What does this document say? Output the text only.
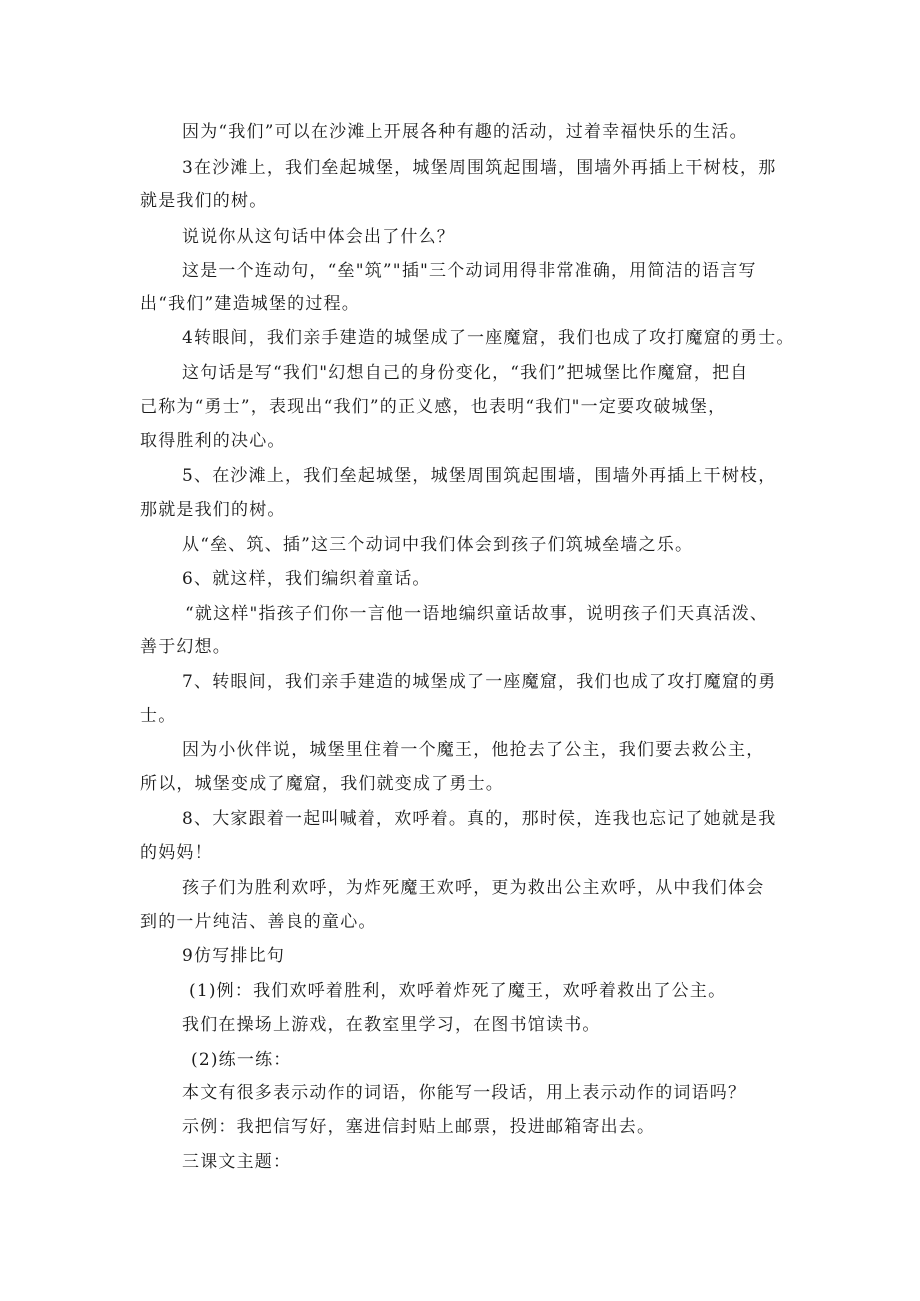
因为“我们”可以在沙滩上开展各种有趣的活动，过着幸福快乐的生活。
3在沙滩上，我们垒起城堡，城堡周围筑起围墙，围墙外再插上干树枝，那
就是我们的树。
说说你从这句话中体会出了什么？
这是一个连动句，“垒"筑”"插"三个动词用得非常准确，用简洁的语言写
出“我们”建造城堡的过程。
4转眼间，我们亲手建造的城堡成了一座魔窟，我们也成了攻打魔窟的勇士。
这句话是写“我们"幻想自己的身份变化，“我们”把城堡比作魔窟，把自
己称为“勇士”，表现出“我们”的正义感，也表明“我们"一定要攻破城堡，
取得胜利的决心。
5、在沙滩上，我们垒起城堡，城堡周围筑起围墙，围墙外再插上干树枝，
那就是我们的树。
从“垒、筑、插”这三个动词中我们体会到孩子们筑城垒墙之乐。
6、就这样，我们编织着童话。
“就这样"指孩子们你一言他一语地编织童话故事，说明孩子们天真活泼、
善于幻想。
7、转眼间，我们亲手建造的城堡成了一座魔窟，我们也成了攻打魔窟的勇
士。
因为小伙伴说，城堡里住着一个魔王，他抢去了公主，我们要去救公主，
所以，城堡变成了魔窟，我们就变成了勇士。
8、大家跟着一起叫喊着，欢呼着。真的，那时侯，连我也忘记了她就是我
的妈妈！
孩子们为胜利欢呼，为炸死魔王欢呼，更为救出公主欢呼，从中我们体会
到的一片纯洁、善良的童心。
9仿写排比句
(1)例：我们欢呼着胜利，欢呼着炸死了魔王，欢呼着救出了公主。
我们在操场上游戏，在教室里学习，在图书馆读书。
(2)练一练：
本文有很多表示动作的词语，你能写一段话，用上表示动作的词语吗？
示例：我把信写好，塞进信封贴上邮票，投进邮箱寄出去。
三课文主题：
